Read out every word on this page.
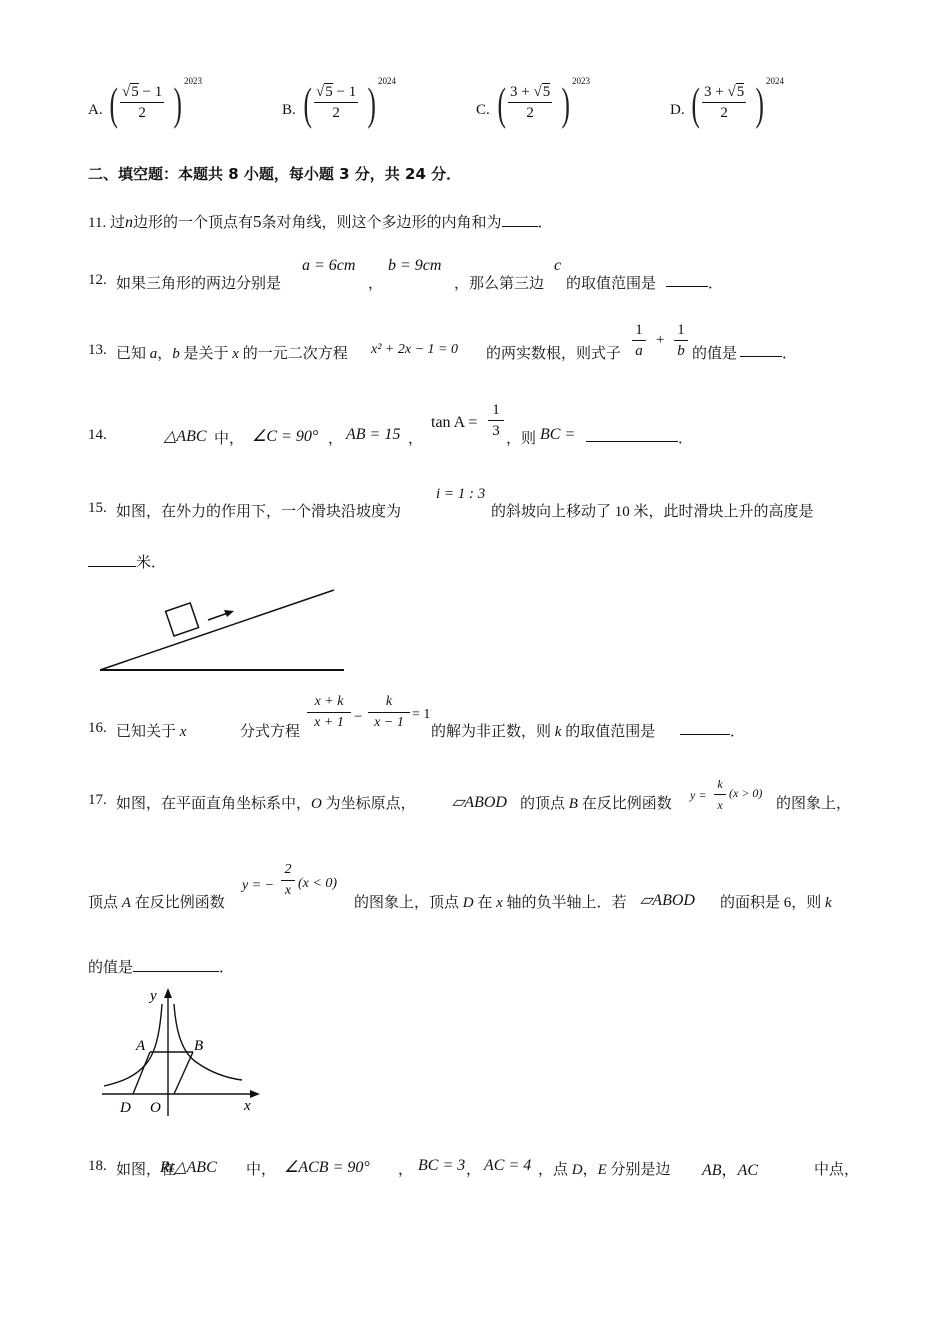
A. ( $\frac{√5 - 1}{2}$ ) 2023
B. ( $\frac{√5 - 1}{2}$ ) 2024
C. ( $\frac{3 + √5}{2}$ ) 2023
D. ( $\frac{3 + √5}{2}$ ) 2024
二、填空题：本题共 8 小题，每小题 3 分，共 24 分．
11. 过n边形的一个顶点有5条对角线，则这个多边形的内角和为 ．
12. 如果三角形的两边分别是
a = 6cm
，
b = 9cm
，那么第三边
c
的取值范围是	．
13. 已知 a，b 是关于 x 的一元二次方程 x² + 2x − 1 = 0 的两实数根，则式子 $\frac{1}{a} + \frac{1}{b}$ 的值是	．
14.	△ABC 中， ∠C = 90° ， AB = 15 ，
$\tan A = \frac{1}{3}$ ，则 BC =	．
15. 如图，在外力的作用下，一个滑块沿坡度为
i = 1 : 3
的斜坡向上移动了 10 米，此时滑块上升的高度是
米．
16. 已知关于 x	分式方程 $\frac{x + k}{x + 1} - \frac{k}{x - 1} = 1$
的解为非正数，则 k 的取值范围是	．
17. 如图，在平面直角坐标系中，O 为坐标原点， ▱ABOD 的顶点 B 在反比例函数
$y = \frac{k}{x} (x > 0)$
的图象上，
顶点 A 在反比例函数
y = − $\frac{2}{x} (x < 0)$
的图象上，顶点 D 在 x 轴的负半轴上．若 ▱ABOD 的面积是 6，则 k
的值是	．
y
A	B
D O	x
18. 如图，在
Rt△ABC 中， ∠ACB = 90° ， BC = 3 ， AC = 4 ，点 D，E 分别是边 AB，AC	中点，
